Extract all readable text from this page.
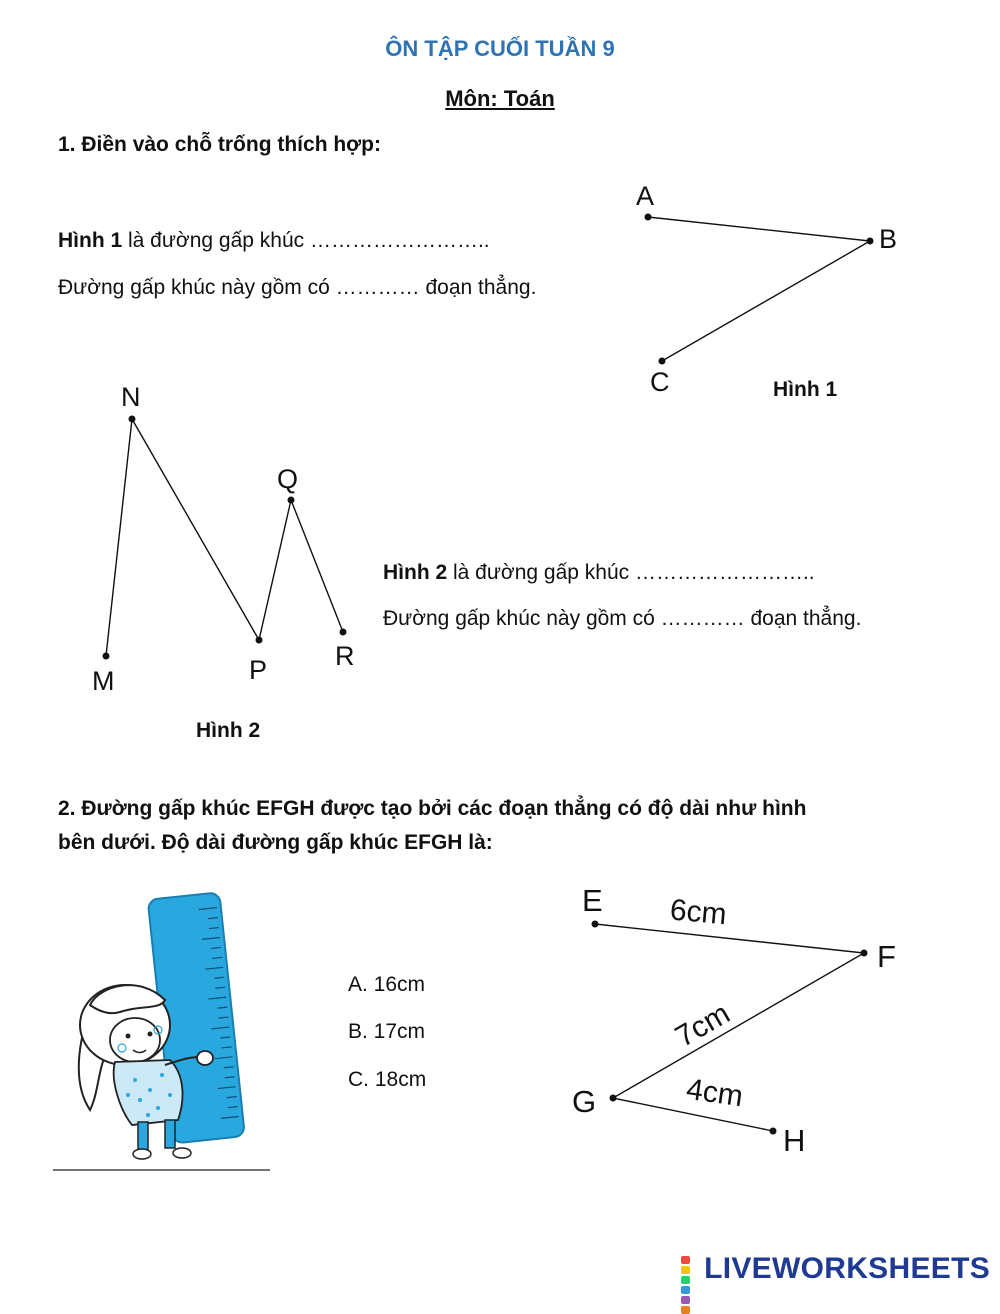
ÔN TẬP CUỐI TUẦN 9
Môn: Toán
1. Điền vào chỗ trống thích hợp:
Hình 1 là đường gấp khúc ……………………..
Đường gấp khúc này gồm có ………… đoạn thẳng.
A
B
C	Hình 1
M
N
P
Q
R
Hình 2 là đường gấp khúc ……………………..
Đường gấp khúc này gồm có ………… đoạn thẳng.
Hình 2
2. Đường gấp khúc EFGH được tạo bởi các đoạn thẳng có độ dài như hình
bên dưới. Độ dài đường gấp khúc EFGH là:
A. 16cm
B. 17cm
C. 18cm
E
F
G
H
6cm
7cm
4cm
LIVEWORKSHEETS
